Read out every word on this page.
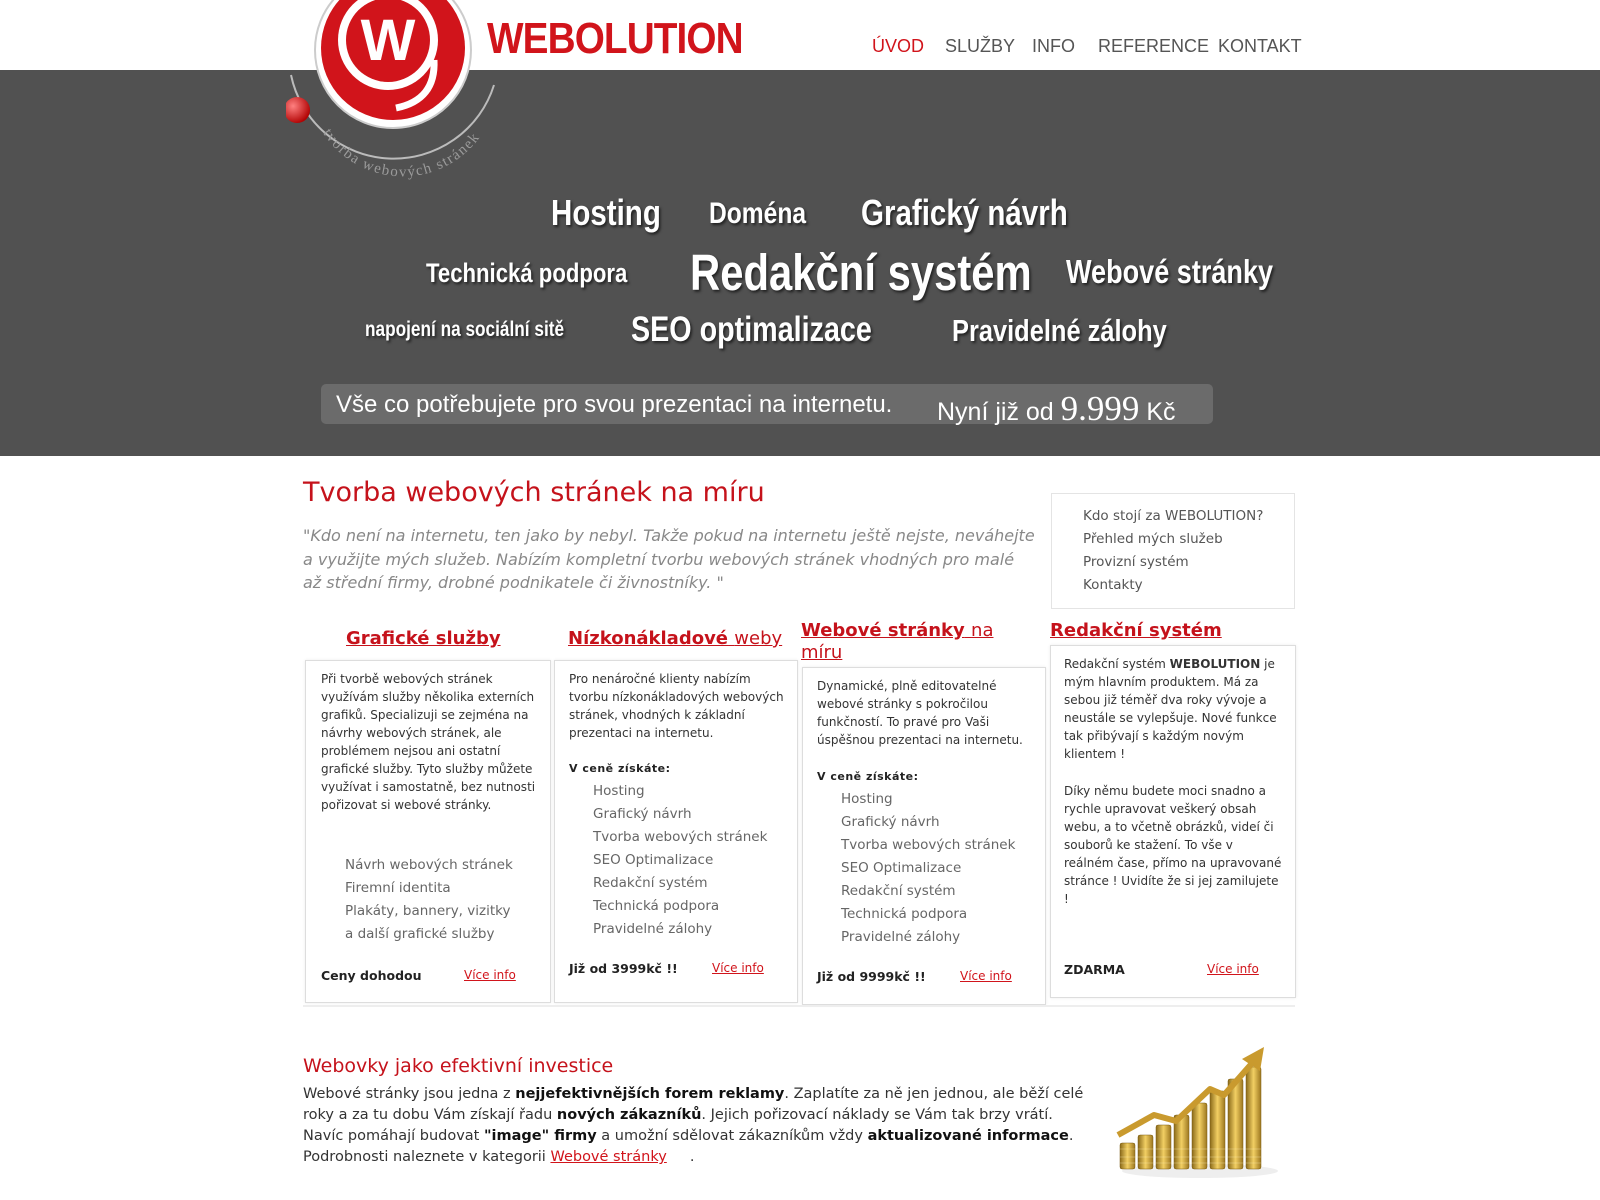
Hosting Doména Grafický návrh
Technická podpora Redakční systém Webové stránky
napojení na sociální sitě SEO optimalizace	Pravidelné zálohy
W
tvorba webových stránek
WEBOLUTION	ÚVOD SLUŽBY INFO REFERENCE KONTAKT
Vše co potřebujete pro svou prezentaci na internetu. Nyní již od 9.999 Kč
Tvorba webových stránek na míru
"Kdo není na internetu, ten jako by nebyl. Takže pokud na internetu ještě nejste, neváhejte a využijte mých služeb. Nabízím kompletní tvorbu webových stránek vhodných pro malé až střední firmy, drobné podnikatele či živnostníky. "
Kdo stojí za WEBOLUTION?
Přehled mých služeb
Provizní systém
Kontakty
Grafické služby
Při tvorbě webových stránek využívám služby několika externích grafiků. Specializuji se zejména na návrhy webových stránek, ale problémem nejsou ani ostatní grafické služby. Tyto služby můžete využívat i samostatně, bez nutnosti pořizovat si webové stránky.
Návrh webových stránek
Firemní identita
Plakáty, bannery, vizitky
a další grafické služby
Ceny dohodou	Více info
Nízkonákladové weby
Pro nenáročné klienty nabízím tvorbu nízkonákladových webových stránek, vhodných k základní prezentaci na internetu.
V ceně získáte:
Hosting
Grafický návrh
Tvorba webových stránek
SEO Optimalizace
Redakční systém
Technická podpora
Pravidelné zálohy
Již od 3999kč !!	Více info
Webové stránky na míru
Dynamické, plně editovatelné webové stránky s pokročilou funkčností. To pravé pro Vaši úspěšnou prezentaci na internetu.
V ceně získáte:
Hosting
Grafický návrh
Tvorba webových stránek
SEO Optimalizace
Redakční systém
Technická podpora
Pravidelné zálohy
Již od 9999kč !!	Více info
Redakční systém
Redakční systém WEBOLUTION je mým hlavním produktem. Má za sebou již téměř dva roky vývoje a neustále se vylepšuje. Nové funkce tak přibývají s každým novým klientem !
Díky němu budete moci snadno a rychle upravovat veškerý obsah webu, a to včetně obrázků, videí či souborů ke stažení. To vše v reálném čase, přímo na upravované stránce ! Uvidíte že si jej zamilujete !
ZDARMA	Více info
Webovky jako efektivní investice
Webové stránky jsou jedna z nejjefektivnějších forem reklamy. Zaplatíte za ně jen jednou, ale běží celé roky a za tu dobu Vám získají řadu nových zákazníků. Jejich pořizovací náklady se Vám tak brzy vrátí. Navíc pomáhají budovat "image" firmy a umožní sdělovat zákazníkům vždy aktualizované informace. Podrobnosti naleznete v kategorii Webové stránky     .
